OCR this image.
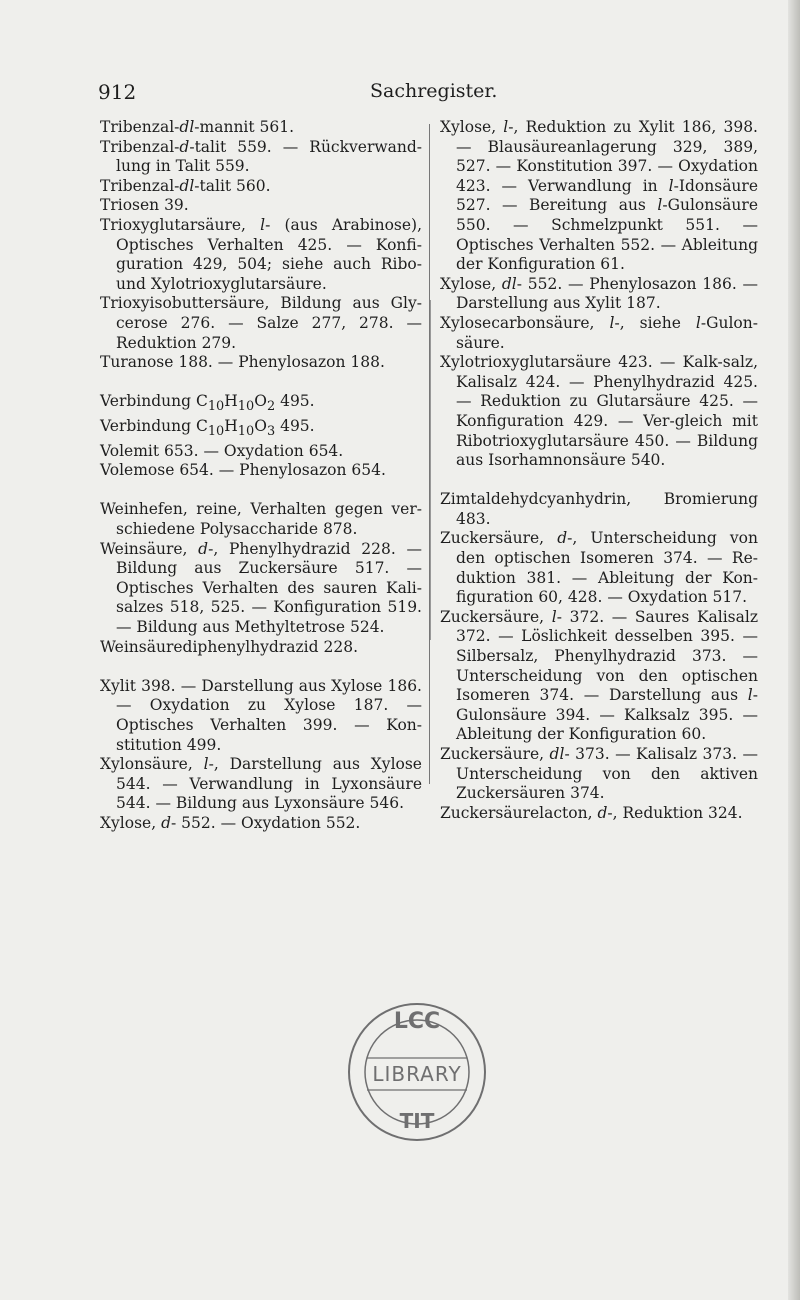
912	Sachregister.
Tribenzal-dl-mannit 561.
Tribenzal-d-talit 559. — Rückverwand-lung in Talit 559.
Tribenzal-dl-talit 560.
Triosen 39.
Trioxyglutarsäure, l- (aus Arabinose), Optisches Verhalten 425. — Konfi-guration 429, 504; siehe auch Ribo- und Xylotrioxyglutarsäure.
Trioxyisobuttersäure, Bildung aus Gly-cerose 276. — Salze 277, 278. — Reduktion 279.
Turanose 188. — Phenylosazon 188.
Verbindung $C_{10}H_{10}O_2$ 495.
Verbindung $C_{10}H_{10}O_3$ 495.
Volemit 653. — Oxydation 654.
Volemose 654. — Phenylosazon 654.
Weinhefen, reine, Verhalten gegen ver-schiedene Polysaccharide 878.
Weinsäure, d-, Phenylhydrazid 228. — Bildung aus Zuckersäure 517. — Optisches Verhalten des sauren Kali-salzes 518, 525. — Konfiguration 519. — Bildung aus Methyltetrose 524.
Weinsäurediphenylhydrazid 228.
Xylit 398. — Darstellung aus Xylose 186. — Oxydation zu Xylose 187. — Optisches Verhalten 399. — Kon-stitution 499.
Xylonsäure, l-, Darstellung aus Xylose 544. — Verwandlung in Lyxonsäure 544. — Bildung aus Lyxonsäure 546.
Xylose, d- 552. — Oxydation 552.
Xylose, l-, Reduktion zu Xylit 186, 398. — Blausäureanlagerung 329, 389, 527. — Konstitution 397. — Oxydation 423. — Verwandlung in l-Idonsäure 527. — Bereitung aus l-Gulonsäure 550. — Schmelzpunkt 551. — Optisches Verhalten 552. — Ableitung der Konfiguration 61.
Xylose, dl- 552. — Phenylosazon 186. — Darstellung aus Xylit 187.
Xylosecarbonsäure, l-, siehe l-Gulon-säure.
Xylotrioxyglutarsäure 423. — Kalk-salz, Kalisalz 424. — Phenylhydrazid 425. — Reduktion zu Glutarsäure 425. — Konfiguration 429. — Ver-gleich mit Ribotrioxyglutarsäure 450. — Bildung aus Isorhamnonsäure 540.
Zimtaldehydcyanhydrin, Bromierung 483.
Zuckersäure, d-, Unterscheidung von den optischen Isomeren 374. — Re-duktion 381. — Ableitung der Kon-figuration 60, 428. — Oxydation 517.
Zuckersäure, l- 372. — Saures Kalisalz 372. — Löslichkeit desselben 395. — Silbersalz, Phenylhydrazid 373. — Unterscheidung von den optischen Isomeren 374. — Darstellung aus l-Gulonsäure 394. — Kalksalz 395. — Ableitung der Konfiguration 60.
Zuckersäure, dl- 373. — Kalisalz 373. — Unterscheidung von den aktiven Zuckersäuren 374.
Zuckersäurelacton, d-, Reduktion 324.
LCC
LIBRARY
TIT
